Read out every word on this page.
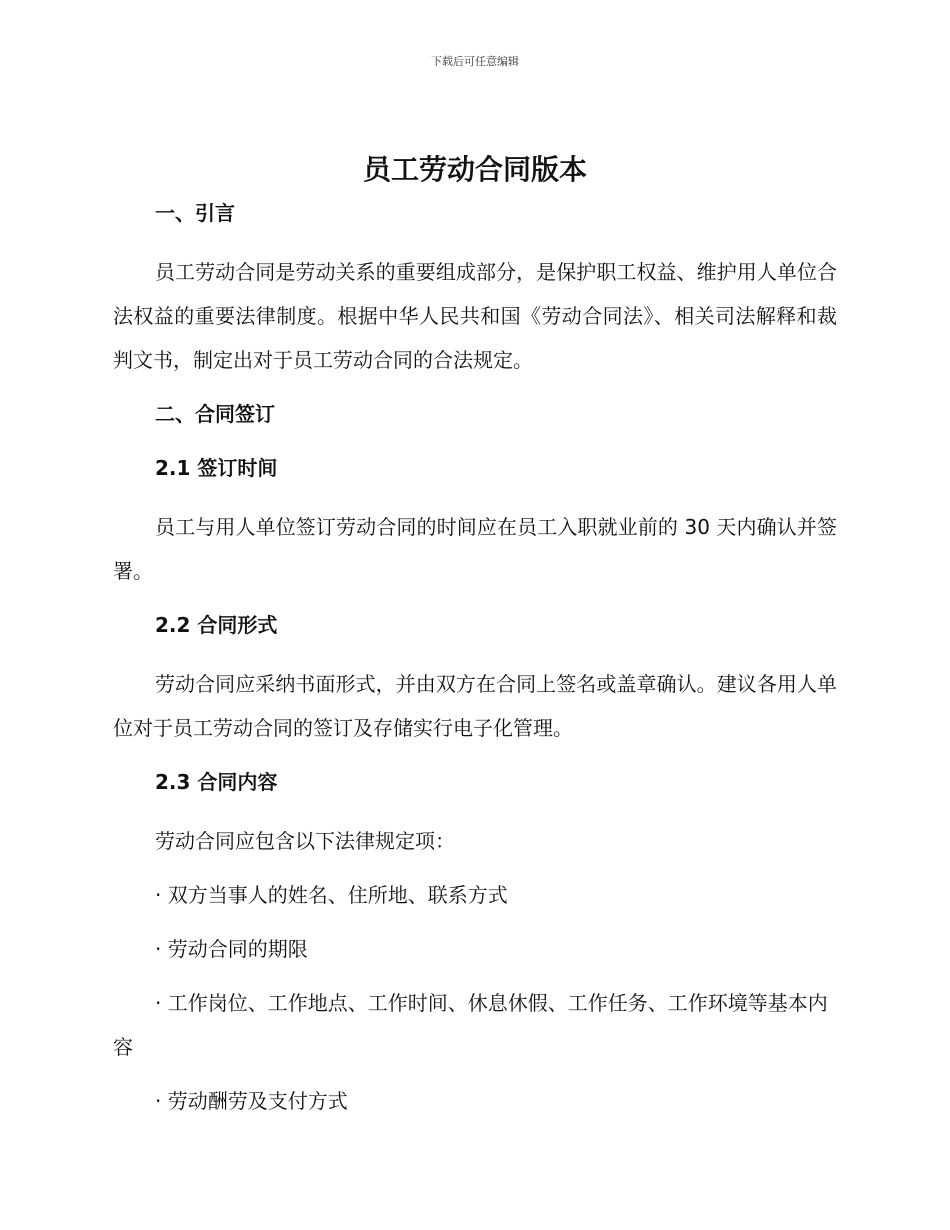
下载后可任意编辑
员工劳动合同版本
一、引言

员工劳动合同是劳动关系的重要组成部分，是保护职工权益、维护用人单位合法权益的重要法律制度。根据中华人民共和国《劳动合同法》、相关司法解释和裁判文书，制定出对于员工劳动合同的合法规定。

二、合同签订
2.1 签订时间

员工与用人单位签订劳动合同的时间应在员工入职就业前的 30 天内确认并签署。

2.2 合同形式

劳动合同应采纳书面形式，并由双方在合同上签名或盖章确认。建议各用人单位对于员工劳动合同的签订及存储实行电子化管理。

2.3 合同内容

劳动合同应包含以下法律规定项：

· 双方当事人的姓名、住所地、联系方式

· 劳动合同的期限

· 工作岗位、工作地点、工作时间、休息休假、工作任务、工作环境等基本内容

· 劳动酬劳及支付方式
